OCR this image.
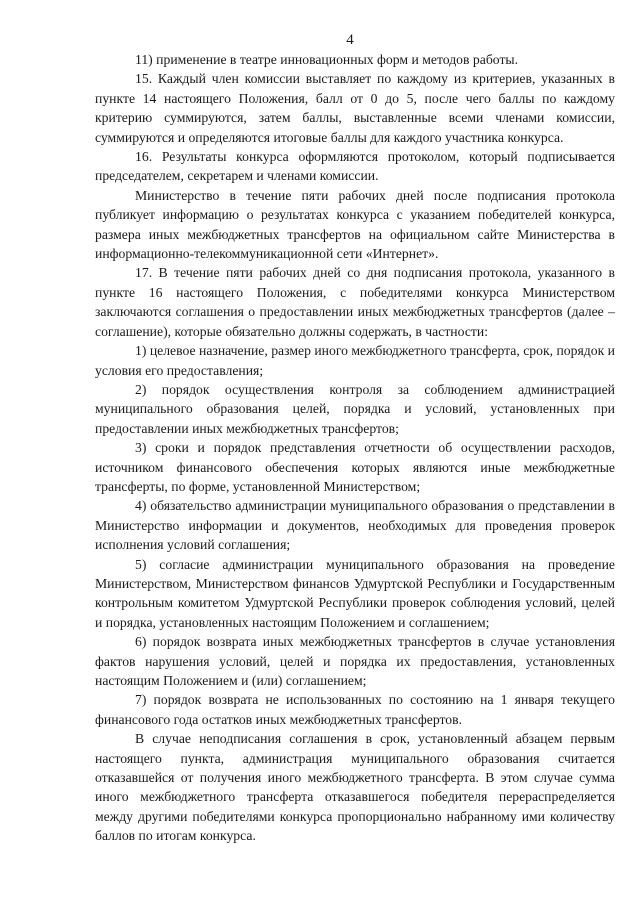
4

11) применение в театре инновационных форм и методов работы.

15. Каждый член комиссии выставляет по каждому из критериев, указанных в пункте 14 настоящего Положения, балл от 0 до 5, после чего баллы по каждому критерию суммируются, затем баллы, выставленные всеми членами комиссии, суммируются и определяются итоговые баллы для каждого участника конкурса.

16. Результаты конкурса оформляются протоколом, который подписывается председателем, секретарем и членами комиссии.

Министерство в течение пяти рабочих дней после подписания протокола публикует информацию о результатах конкурса с указанием победителей конкурса, размера иных межбюджетных трансфертов на официальном сайте Министерства в информационно-телекоммуникационной сети «Интернет».

17. В течение пяти рабочих дней со дня подписания протокола, указанного в пункте 16 настоящего Положения, с победителями конкурса Министерством заключаются соглашения о предоставлении иных межбюджетных трансфертов (далее – соглашение), которые обязательно должны содержать, в частности:

1) целевое назначение, размер иного межбюджетного трансферта, срок, порядок и условия его предоставления;

2) порядок осуществления контроля за соблюдением администрацией муниципального образования целей, порядка и условий, установленных при предоставлении иных межбюджетных трансфертов;

3) сроки и порядок представления отчетности об осуществлении расходов, источником финансового обеспечения которых являются иные межбюджетные трансферты, по форме, установленной Министерством;

4) обязательство администрации муниципального образования о представлении в Министерство информации и документов, необходимых для проведения проверок исполнения условий соглашения;

5) согласие администрации муниципального образования на проведение Министерством, Министерством финансов Удмуртской Республики и Государственным контрольным комитетом Удмуртской Республики проверок соблюдения условий, целей и порядка, установленных настоящим Положением и соглашением;

6) порядок возврата иных межбюджетных трансфертов в случае установления фактов нарушения условий, целей и порядка их предоставления, установленных настоящим Положением и (или) соглашением;

7) порядок возврата не использованных по состоянию на 1 января текущего финансового года остатков иных межбюджетных трансфертов.

В случае неподписания соглашения в срок, установленный абзацем первым настоящего пункта, администрация муниципального образования считается отказавшейся от получения иного межбюджетного трансферта. В этом случае сумма иного межбюджетного трансферта отказавшегося победителя перераспределяется между другими победителями конкурса пропорционально набранному ими количеству баллов по итогам конкурса.
